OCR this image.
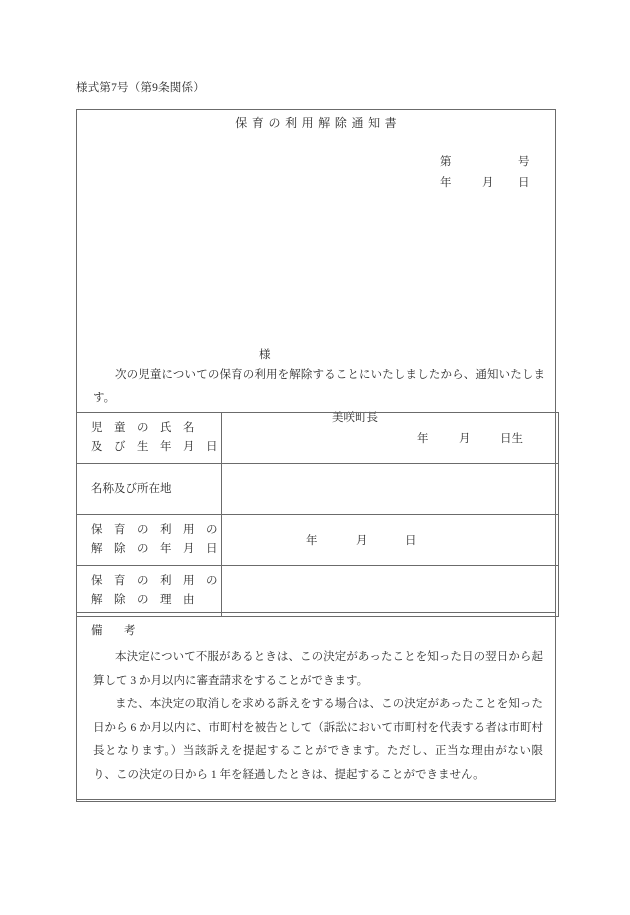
様式第7号（第9条関係）
保育の利用解除通知書
第	号
年	月	日
様
美咲町長
次の児童についての保育の利用を解除することにいたしましたから、通知いたします。
児　童　の　氏　名
及　び　生　年　月　日	年 月 日生

名称及び所在地	

保　育　の　利　用　の
解　除　の　年　月　日	年 月 日

保　育　の　利　用　の
解　除　の　理　由	

備　考

本決定について不服があるときは、この決定があったことを知った日の翌日から起算して 3 か月以内に審査請求をすることができます。

また、本決定の取消しを求める訴えをする場合は、この決定があったことを知った日から 6 か月以内に、市町村を被告として（訴訟において市町村を代表する者は市町村長となります。）当該訴えを提起することができます。ただし、正当な理由がない限り、この決定の日から 1 年を経過したときは、提起することができません。
